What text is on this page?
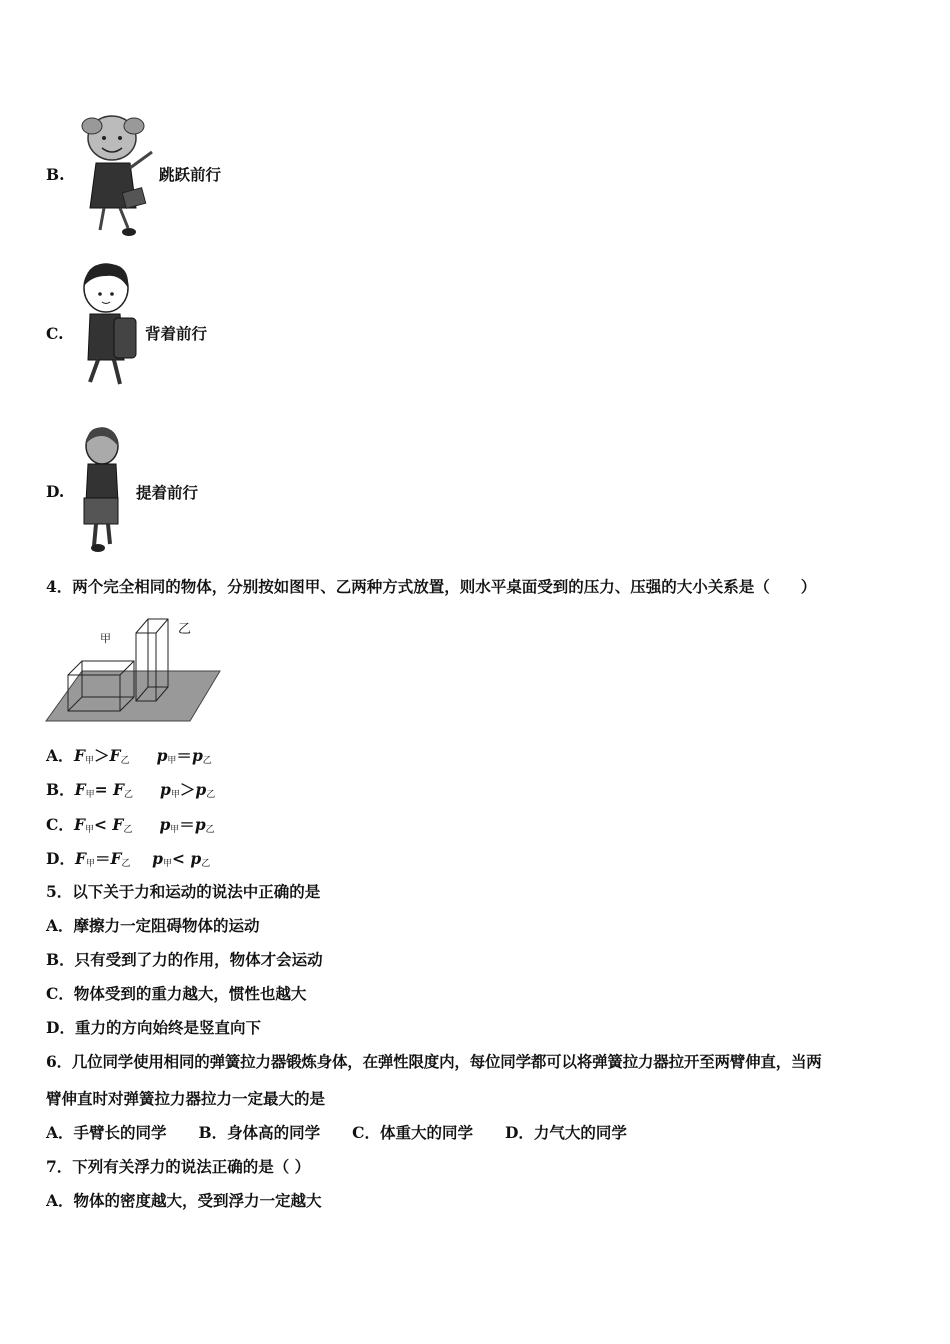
B.	跳跃前行
C.	背着前行
D.	提着前行
4．两个完全相同的物体，分别按如图甲、乙两种方式放置，则水平桌面受到的压力、压强的大小关系是（　　）
甲
乙
A．$F_甲>F_乙$ $p_甲=p_乙$
B．$F_甲= F_乙$ $p_甲>p_乙$
C．$F_甲< F_乙$ $p_甲=p_乙$
D．$F_甲=F_乙$ $p_甲< p_乙$
5．以下关于力和运动的说法中正确的是
A．摩擦力一定阻碍物体的运动
B．只有受到了力的作用，物体才会运动
C．物体受到的重力越大，惯性也越大
D．重力的方向始终是竖直向下
6．几位同学使用相同的弹簧拉力器锻炼身体，在弹性限度内，每位同学都可以将弹簧拉力器拉开至两臂伸直，当两
臂伸直时对弹簧拉力器拉力一定最大的是
A．手臂长的同学 B．身体高的同学 C．体重大的同学 D．力气大的同学
7．下列有关浮力的说法正确的是（ ）
A．物体的密度越大，受到浮力一定越大
